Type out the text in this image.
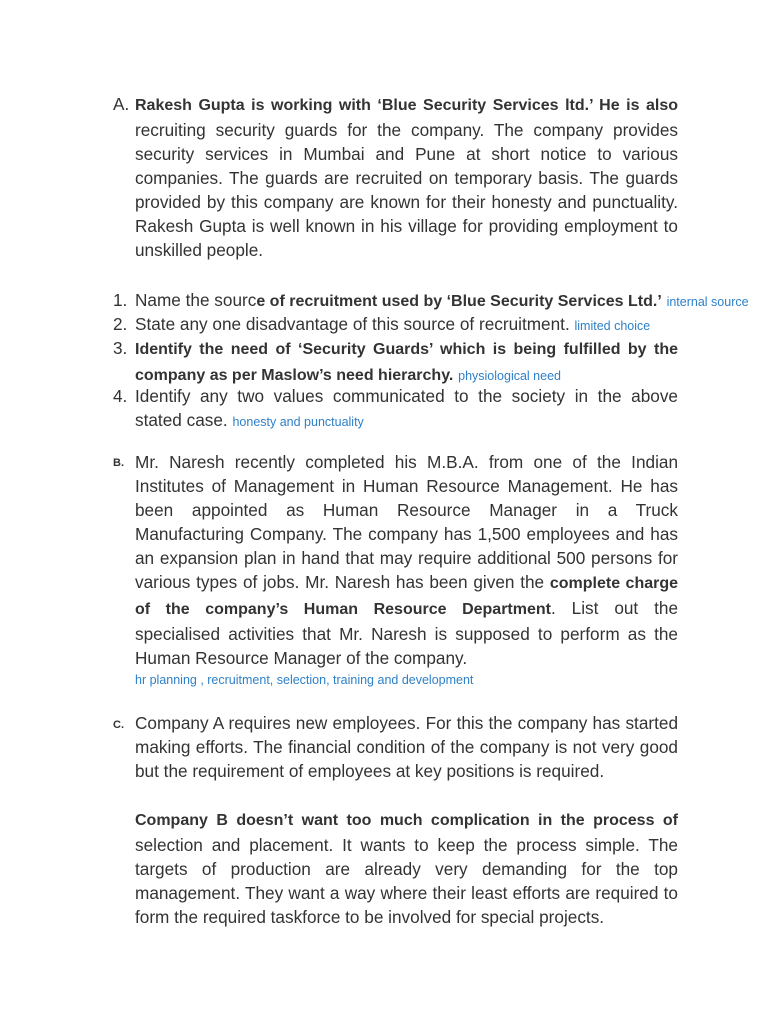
A. Rakesh Gupta is working with ‘Blue Security Services ltd.’ He is also recruiting security guards for the company. The company provides security services in Mumbai and Pune at short notice to various companies. The guards are recruited on temporary basis. The guards provided by this company are known for their honesty and punctuality. Rakesh Gupta is well known in his village for providing employment to unskilled people.
1. Name the source of recruitment used by ‘Blue Security Services Ltd.’ internal source
2. State any one disadvantage of this source of recruitment. limited choice
3. Identify the need of ‘Security Guards’ which is being fulfilled by the company as per Maslow’s need hierarchy. physiological need
4. Identify any two values communicated to the society in the above stated case. honesty and punctuality
B. Mr. Naresh recently completed his M.B.A. from one of the Indian Institutes of Management in Human Resource Management. He has been appointed as Human Resource Manager in a Truck Manufacturing Company. The company has 1,500 employees and has an expansion plan in hand that may require additional 500 persons for various types of jobs. Mr. Naresh has been given the complete charge of the company’s Human Resource Department. List out the specialised activities that Mr. Naresh is supposed to perform as the Human Resource Manager of the company.
hr planning , recruitment, selection, training and development
C. Company A requires new employees. For this the company has started making efforts. The financial condition of the company is not very good but the requirement of employees at key positions is required.
Company B doesn’t want too much complication in the process of selection and placement. It wants to keep the process simple. The targets of production are already very demanding for the top management. They want a way where their least efforts are required to form the required taskforce to be involved for special projects.
